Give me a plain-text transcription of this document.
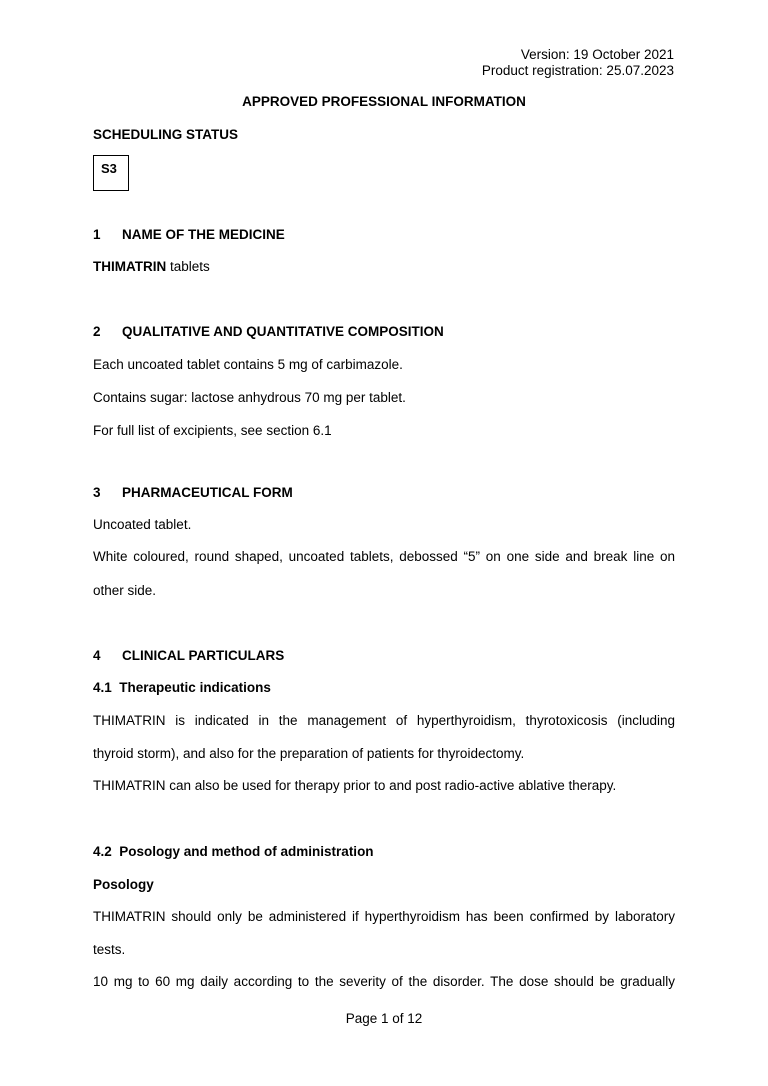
Version: 19 October 2021
Product registration: 25.07.2023
APPROVED PROFESSIONAL INFORMATION
SCHEDULING STATUS
S3
1 NAME OF THE MEDICINE
THIMATRIN tablets
2 QUALITATIVE AND QUANTITATIVE COMPOSITION
Each uncoated tablet contains 5 mg of carbimazole.
Contains sugar: lactose anhydrous 70 mg per tablet.
For full list of excipients, see section 6.1
3 PHARMACEUTICAL FORM
Uncoated tablet.
White coloured, round shaped, uncoated tablets, debossed “5” on one side and break line on
other side.
4 CLINICAL PARTICULARS
4.1 Therapeutic indications
THIMATRIN is indicated in the management of hyperthyroidism, thyrotoxicosis (including
thyroid storm), and also for the preparation of patients for thyroidectomy.
THIMATRIN can also be used for therapy prior to and post radio-active ablative therapy.
4.2 Posology and method of administration
Posology
THIMATRIN should only be administered if hyperthyroidism has been confirmed by laboratory
tests.
10 mg to 60 mg daily according to the severity of the disorder. The dose should be gradually
Page 1 of 12
